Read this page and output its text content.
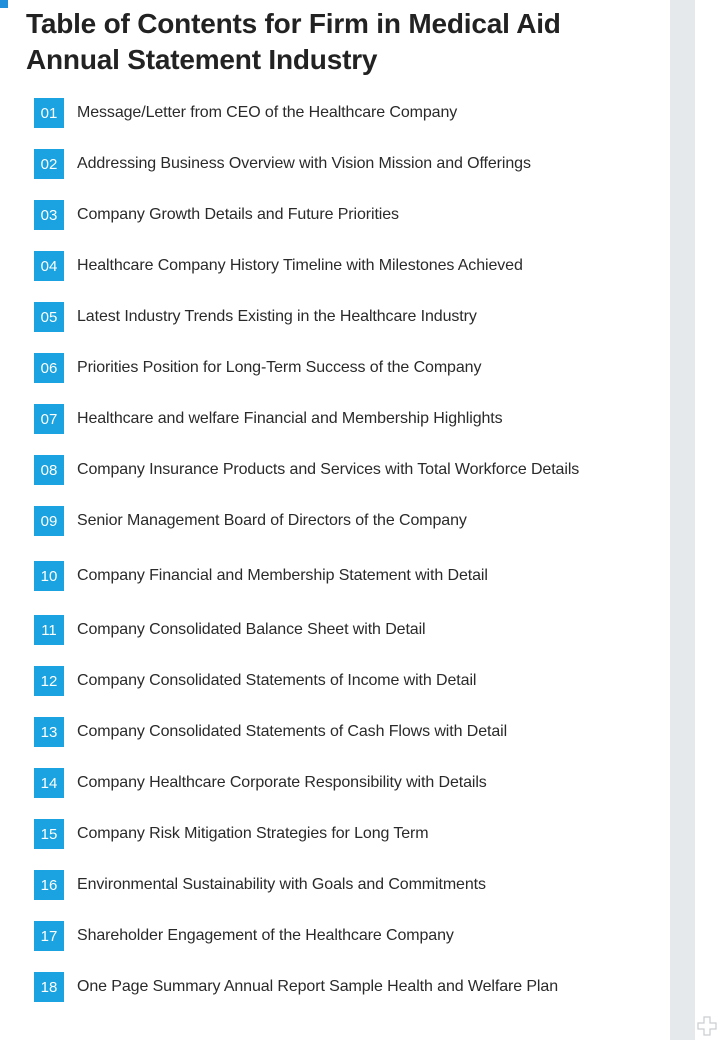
Table of Contents for Firm in Medical Aid Annual Statement Industry
01	Message/Letter from CEO of the Healthcare Company
02	Addressing Business Overview with Vision Mission and Offerings
03	Company Growth Details and Future Priorities
04	Healthcare Company History Timeline with Milestones Achieved
05	Latest Industry Trends Existing in the Healthcare Industry
06	Priorities Position for Long-Term Success of the Company
07	Healthcare and welfare Financial and Membership Highlights
08	Company Insurance Products and Services with Total Workforce Details
09	Senior Management Board of Directors of the Company
10	Company Financial and Membership Statement with Detail
11	Company Consolidated Balance Sheet with Detail
12	Company Consolidated Statements of Income with Detail
13	Company Consolidated Statements of Cash Flows with Detail
14	Company Healthcare Corporate Responsibility with Details
15	Company Risk Mitigation Strategies for Long Term
16	Environmental Sustainability with Goals and Commitments
17	Shareholder Engagement of the Healthcare Company
18	One Page Summary Annual Report Sample Health and Welfare Plan
